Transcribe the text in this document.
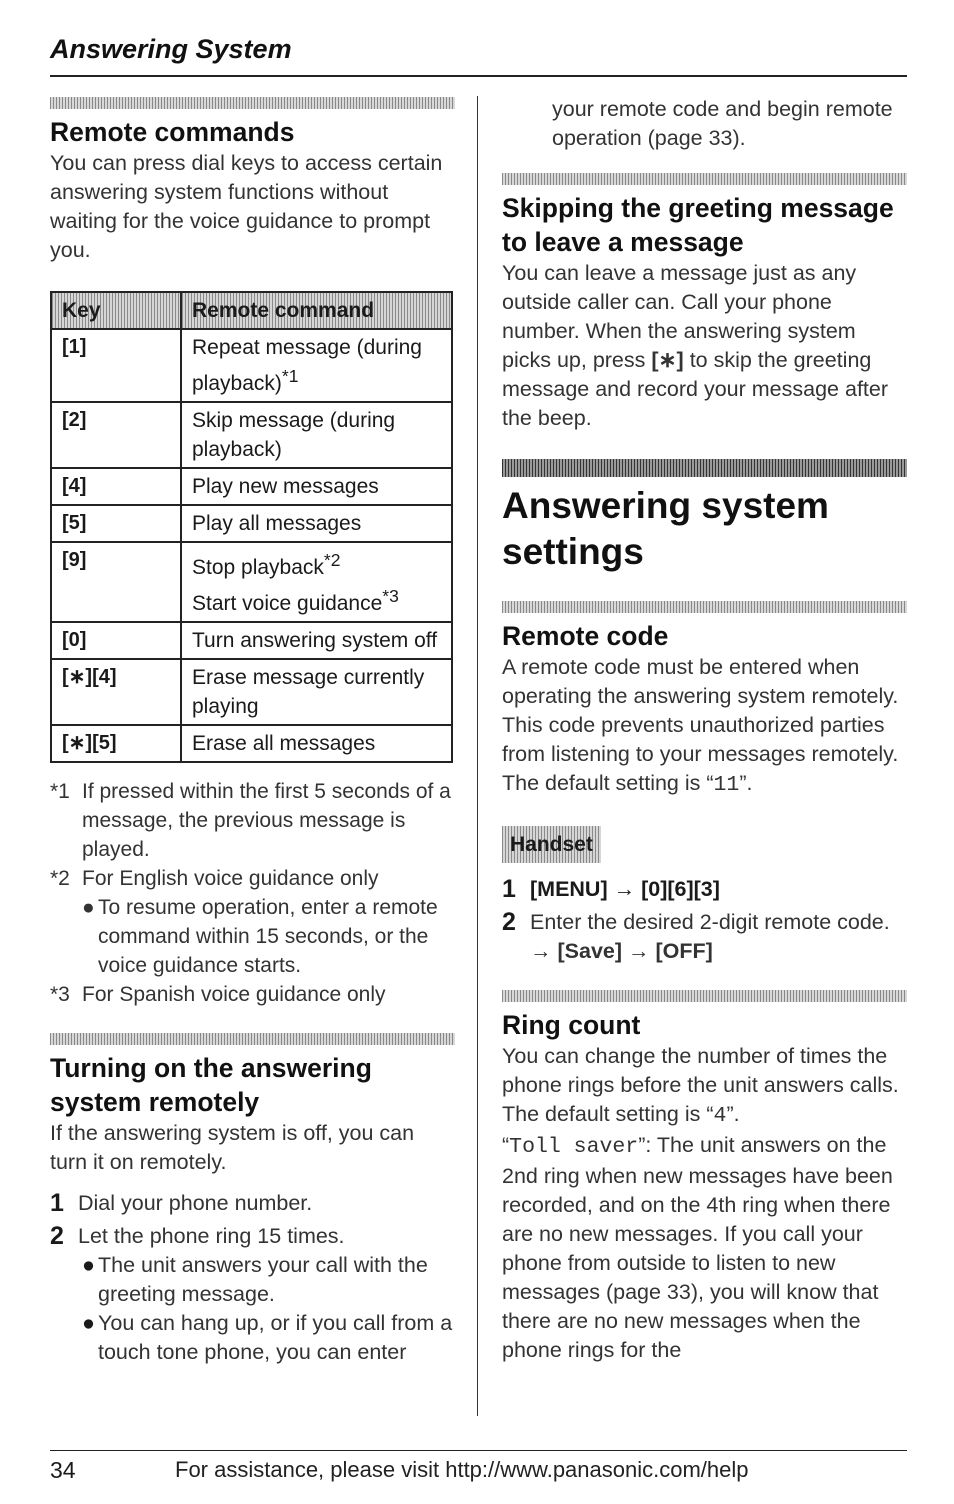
Answering System
Remote commands

You can press dial keys to access certain answering system functions without waiting for the voice guidance to prompt you.

Key	Remote command
[1]	Repeat message (during playback)$^{*1}$
[2]	Skip message (during playback)
[4]	Play new messages
[5]	Play all messages
[9]	Stop playback$^{*2}$
Start voice guidance$^{*3}$
[0]	Turn answering system off
[∗][4]	Erase message currently playing
[∗][5]	Erase all messages
*1 If pressed within the first 5 seconds of a message, the previous message is played.
*2 For English voice guidance only
● To resume operation, enter a remote command within 15 seconds, or the voice guidance starts.
*3 For Spanish voice guidance only
Turning on the answering system remotely

If the answering system is off, you can turn it on remotely.

1 Dial your phone number.
2 Let the phone ring 15 times.
● The unit answers your call with the greeting message.
● You can hang up, or if you call from a touch tone phone, you can enter

your remote code and begin remote operation (page 33).

Skipping the greeting message to leave a message

You can leave a message just as any outside caller can. Call your phone number. When the answering system picks up, press [∗] to skip the greeting message and record your message after the beep.

Answering system settings
Remote code

A remote code must be entered when operating the answering system remotely. This code prevents unauthorized parties from listening to your messages remotely. The default setting is “11”.

Handset
1 [MENU] → [0][6][3]
2 Enter the desired 2-digit remote code. → [Save] → [OFF]
Ring count

You can change the number of times the phone rings before the unit answers calls.

The default setting is “4”.

“Toll saver”: The unit answers on the 2nd ring when new messages have been recorded, and on the 4th ring when there are no new messages. If you call your phone from outside to listen to new messages (page 33), you will know that there are no new messages when the phone rings for the

34	For assistance, please visit http://www.panasonic.com/help
